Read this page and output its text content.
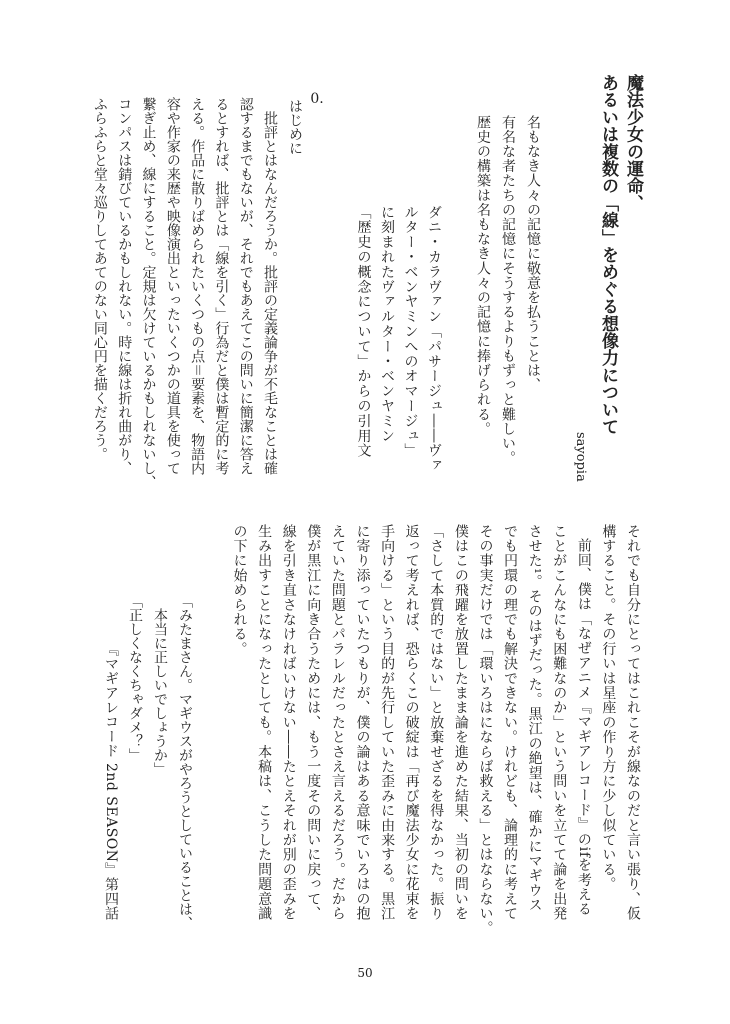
魔法少女の運命、
あるいは複数の「線」をめぐる想像力について
sayopia
名もなき人々の記憶に敬意を払うことは、
有名な者たちの記憶にそうするよりもずっと難しい。
歴史の構築は名もなき人々の記憶に捧げられる。
ダニ・カラヴァン「パサージュ――ヴァ
ルター・ベンヤミンへのオマージュ」
に刻まれたヴァルター・ベンヤミン
「歴史の概念について」からの引用文
0.
はじめに
批評とはなんだろうか。批評の定義論争が不毛なことは確
認するまでもないが、それでもあえてこの問いに簡潔に答え
るとすれば、批評とは「線を引く」行為だと僕は暫定的に考
える。作品に散りばめられたいくつもの点＝要素を、物語内
容や作家の来歴や映像演出といったいくつかの道具を使って
繋ぎ止め、線にすること。定規は欠けているかもしれないし、
コンパスは錆びているかもしれない。時に線は折れ曲がり、
ふらふらと堂々巡りしてあてのない同心円を描くだろう。
それでも自分にとってはこれこそが線なのだと言い張り、仮
構すること。その行いは星座の作り方に少し似ている。
前回、僕は「なぜアニメ『マギアレコード』のifを考える
ことがこんなにも困難なのか」という問いを立てて論を出発
させた¹。そのはずだった。黒江の絶望は、確かにマギウス
でも円環の理でも解決できない。けれども、論理的に考えて
その事実だけでは「環いろはにならば救える」とはならない。
僕はこの飛躍を放置したまま論を進めた結果、当初の問いを
「さして本質的ではない」と放棄せざるを得なかった。振り
返って考えれば、恐らくこの破綻は「再び魔法少女に花束を
手向ける」という目的が先行していた歪みに由来する。黒江
に寄り添っていたつもりが、僕の論はある意味でいろはの抱
えていた問題とパラレルだったとさえ言えるだろう。だから
僕が黒江に向き合うためには、もう一度その問いに戻って、
線を引き直さなければいけない――たとえそれが別の歪みを
生み出すことになったとしても。本稿は、こうした問題意識
の下に始められる。
「みたまさん。マギウスがやろうとしていることは、
本当に正しいでしょうか」
「正しくなくちゃダメ？」
『マギアレコード 2nd SEASON』第四話
50
